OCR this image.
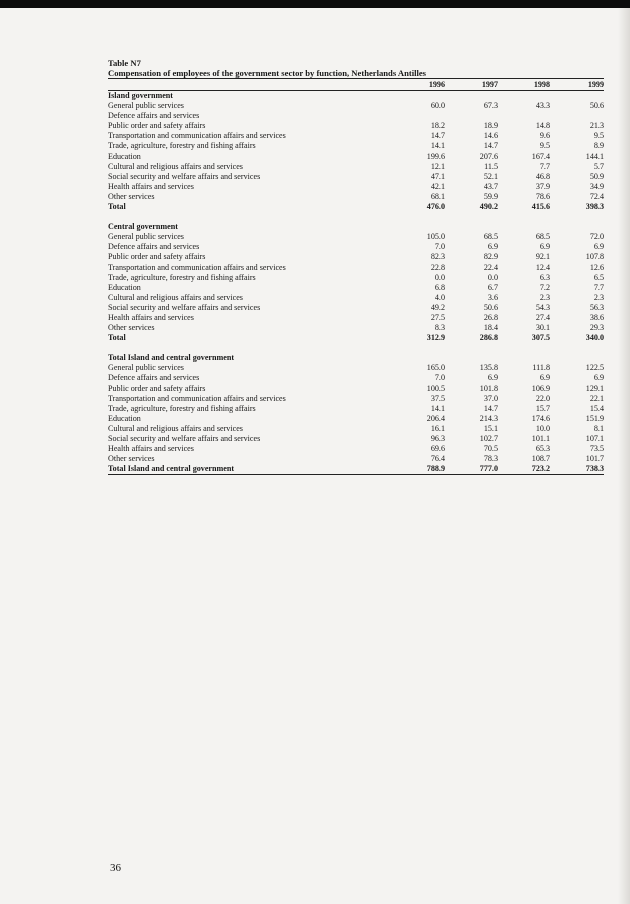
Table N7
Compensation of employees of the government sector by function, Netherlands Antilles
	1996	1997	1998	1999
Island government				
General public services	60.0	67.3	43.3	50.6
Defence affairs and services				
Public order and safety affairs	18.2	18.9	14.8	21.3
Transportation and communication affairs and services	14.7	14.6	9.6	9.5
Trade, agriculture, forestry and fishing affairs	14.1	14.7	9.5	8.9
Education	199.6	207.6	167.4	144.1
Cultural and religious affairs and services	12.1	11.5	7.7	5.7
Social security and welfare affairs and services	47.1	52.1	46.8	50.9
Health affairs and services	42.1	43.7	37.9	34.9
Other services	68.1	59.9	78.6	72.4
Total	476.0	490.2	415.6	398.3

Central government				
General public services	105.0	68.5	68.5	72.0
Defence affairs and services	7.0	6.9	6.9	6.9
Public order and safety affairs	82.3	82.9	92.1	107.8
Transportation and communication affairs and services	22.8	22.4	12.4	12.6
Trade, agriculture, forestry and fishing affairs	0.0	0.0	6.3	6.5
Education	6.8	6.7	7.2	7.7
Cultural and religious affairs and services	4.0	3.6	2.3	2.3
Social security and welfare affairs and services	49.2	50.6	54.3	56.3
Health affairs and services	27.5	26.8	27.4	38.6
Other services	8.3	18.4	30.1	29.3
Total	312.9	286.8	307.5	340.0

Total Island and central government				
General public services	165.0	135.8	111.8	122.5
Defence affairs and services	7.0	6.9	6.9	6.9
Public order and safety affairs	100.5	101.8	106.9	129.1
Transportation and communication affairs and services	37.5	37.0	22.0	22.1
Trade, agriculture, forestry and fishing affairs	14.1	14.7	15.7	15.4
Education	206.4	214.3	174.6	151.9
Cultural and religious affairs and services	16.1	15.1	10.0	8.1
Social security and welfare affairs and services	96.3	102.7	101.1	107.1
Health affairs and services	69.6	70.5	65.3	73.5
Other services	76.4	78.3	108.7	101.7
Total Island and central government	788.9	777.0	723.2	738.3
36
